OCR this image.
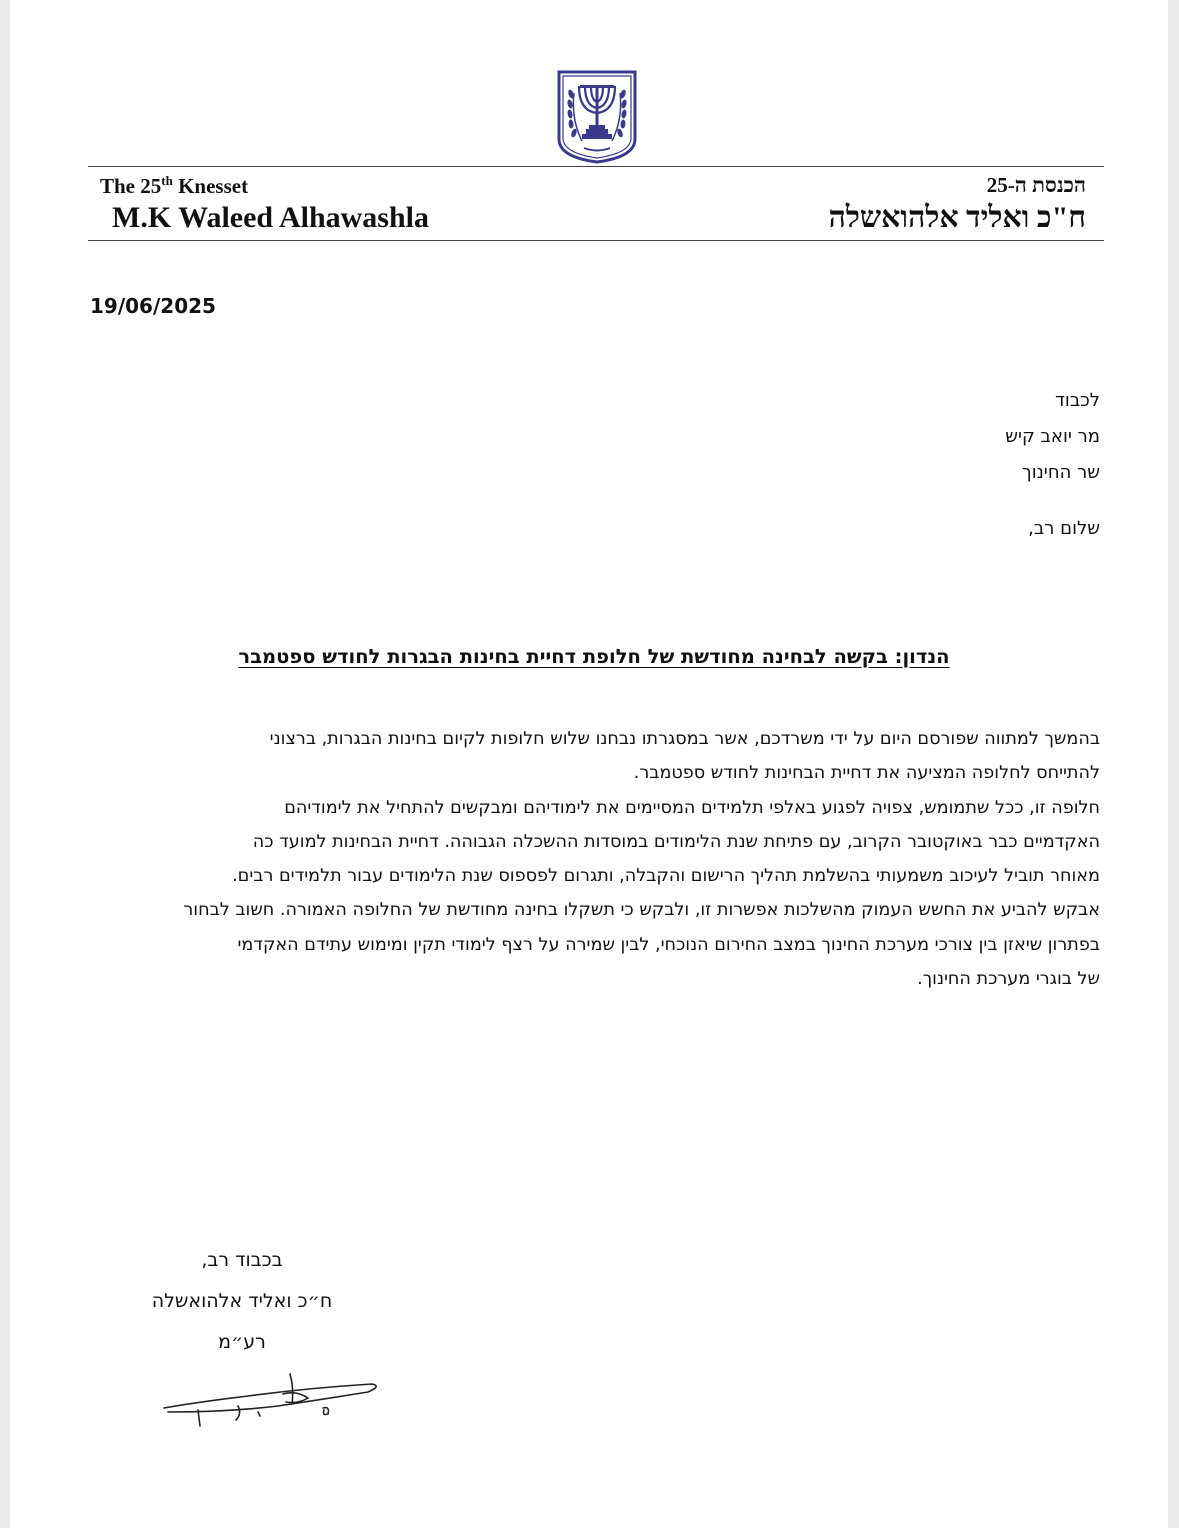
The 25th Knesset	הכנסת ה-25
M.K Waleed Alhawashla	ח"כ ואליד אלהואשלה
19/06/2025
לכבוד
מר יואב קיש
שר החינוך
שלום רב,
הנדון: בקשה לבחינה מחודשת של חלופת דחיית בחינות הבגרות לחודש ספטמבר
בהמשך למתווה שפורסם היום על ידי משרדכם, אשר במסגרתו נבחנו שלוש חלופות לקיום בחינות הבגרות, ברצוני
להתייחס לחלופה המציעה את דחיית הבחינות לחודש ספטמבר.
חלופה זו, ככל שתמומש, צפויה לפגוע באלפי תלמידים המסיימים את לימודיהם ומבקשים להתחיל את לימודיהם
האקדמיים כבר באוקטובר הקרוב, עם פתיחת שנת הלימודים במוסדות ההשכלה הגבוהה. דחיית הבחינות למועד כה
מאוחר תוביל לעיכוב משמעותי בהשלמת תהליך הרישום והקבלה, ותגרום לפספוס שנת הלימודים עבור תלמידים רבים.
אבקש להביע את החשש העמוק מהשלכות אפשרות זו, ולבקש כי תשקלו בחינה מחודשת של החלופה האמורה. חשוב לבחור
בפתרון שיאזן בין צורכי מערכת החינוך במצב החירום הנוכחי, לבין שמירה על רצף לימודי תקין ומימוש עתידם האקדמי
של בוגרי מערכת החינוך.
בכבוד רב,
ח״כ ואליד אלהואשלה
רע״מ
